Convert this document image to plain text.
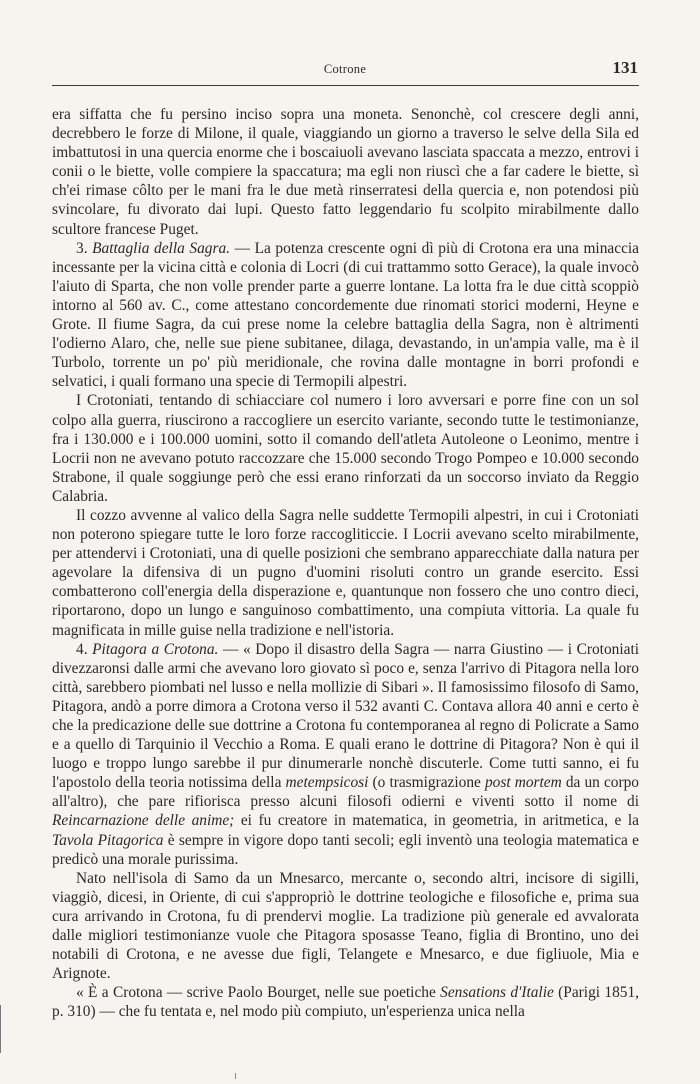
Cotrone	131

era siffatta che fu persino inciso sopra una moneta. Senonchè, col crescere degli anni, decrebbero le forze di Milone, il quale, viaggiando un giorno a traverso le selve della Sila ed imbattutosi in una quercia enorme che i boscaiuoli avevano lasciata spaccata a mezzo, entrovi i conii o le biette, volle compiere la spaccatura; ma egli non riuscì che a far cadere le biette, sì ch'ei rimase côlto per le mani fra le due metà rinserratesi della quercia e, non potendosi più svincolare, fu divorato dai lupi. Questo fatto leggendario fu scolpito mirabilmente dallo scultore francese Puget.

3. Battaglia della Sagra. — La potenza crescente ogni dì più di Crotona era una minaccia incessante per la vicina città e colonia di Locri (di cui trattammo sotto Gerace), la quale invocò l'aiuto di Sparta, che non volle prender parte a guerre lontane. La lotta fra le due città scoppiò intorno al 560 av. C., come attestano concordemente due rinomati storici moderni, Heyne e Grote. Il fiume Sagra, da cui prese nome la celebre battaglia della Sagra, non è altrimenti l'odierno Alaro, che, nelle sue piene subitanee, dilaga, devastando, in un'ampia valle, ma è il Turbolo, torrente un po' più meridionale, che rovina dalle montagne in borri profondi e selvatici, i quali formano una specie di Termopili alpestri.

I Crotoniati, tentando di schiacciare col numero i loro avversari e porre fine con un sol colpo alla guerra, riuscirono a raccogliere un esercito variante, secondo tutte le testimonianze, fra i 130.000 e i 100.000 uomini, sotto il comando dell'atleta Autoleone o Leonimo, mentre i Locrii non ne avevano potuto raccozzare che 15.000 secondo Trogo Pompeo e 10.000 secondo Strabone, il quale soggiunge però che essi erano rinforzati da un soccorso inviato da Reggio Calabria.

Il cozzo avvenne al valico della Sagra nelle suddette Termopili alpestri, in cui i Crotoniati non poterono spiegare tutte le loro forze raccogliticcie. I Locrii avevano scelto mirabilmente, per attendervi i Crotoniati, una di quelle posizioni che sembrano apparecchiate dalla natura per agevolare la difensiva di un pugno d'uomini risoluti contro un grande esercito. Essi combatterono coll'energia della disperazione e, quantunque non fossero che uno contro dieci, riportarono, dopo un lungo e sanguinoso combattimento, una compiuta vittoria. La quale fu magnificata in mille guise nella tradizione e nell'istoria.

4. Pitagora a Crotona. — « Dopo il disastro della Sagra — narra Giustino — i Crotoniati divezzaronsi dalle armi che avevano loro giovato sì poco e, senza l'arrivo di Pitagora nella loro città, sarebbero piombati nel lusso e nella mollizie di Sibari ». Il famosissimo filosofo di Samo, Pitagora, andò a porre dimora a Crotona verso il 532 avanti C. Contava allora 40 anni e certo è che la predicazione delle sue dottrine a Crotona fu contemporanea al regno di Policrate a Samo e a quello di Tarquinio il Vecchio a Roma. E quali erano le dottrine di Pitagora? Non è qui il luogo e troppo lungo sarebbe il pur dinumerarle nonchè discuterle. Come tutti sanno, ei fu l'apostolo della teoria notissima della metempsicosi (o trasmigrazione post mortem da un corpo all'altro), che pare rifiorisca presso alcuni filosofi odierni e viventi sotto il nome di Reincarnazione delle anime; ei fu creatore in matematica, in geometria, in aritmetica, e la Tavola Pitagorica è sempre in vigore dopo tanti secoli; egli inventò una teologia matematica e predicò una morale purissima.

Nato nell'isola di Samo da un Mnesarco, mercante o, secondo altri, incisore di sigilli, viaggiò, dicesi, in Oriente, di cui s'appropriò le dottrine teologiche e filosofiche e, prima sua cura arrivando in Crotona, fu di prendervi moglie. La tradizione più generale ed avvalorata dalle migliori testimonianze vuole che Pitagora sposasse Teano, figlia di Brontino, uno dei notabili di Crotona, e ne avesse due figli, Telangete e Mnesarco, e due figliuole, Mia e Arignote.

« È a Crotona — scrive Paolo Bourget, nelle sue poetiche Sensations d'Italie (Parigi 1851, p. 310) — che fu tentata e, nel modo più compiuto, un'esperienza unica nella
